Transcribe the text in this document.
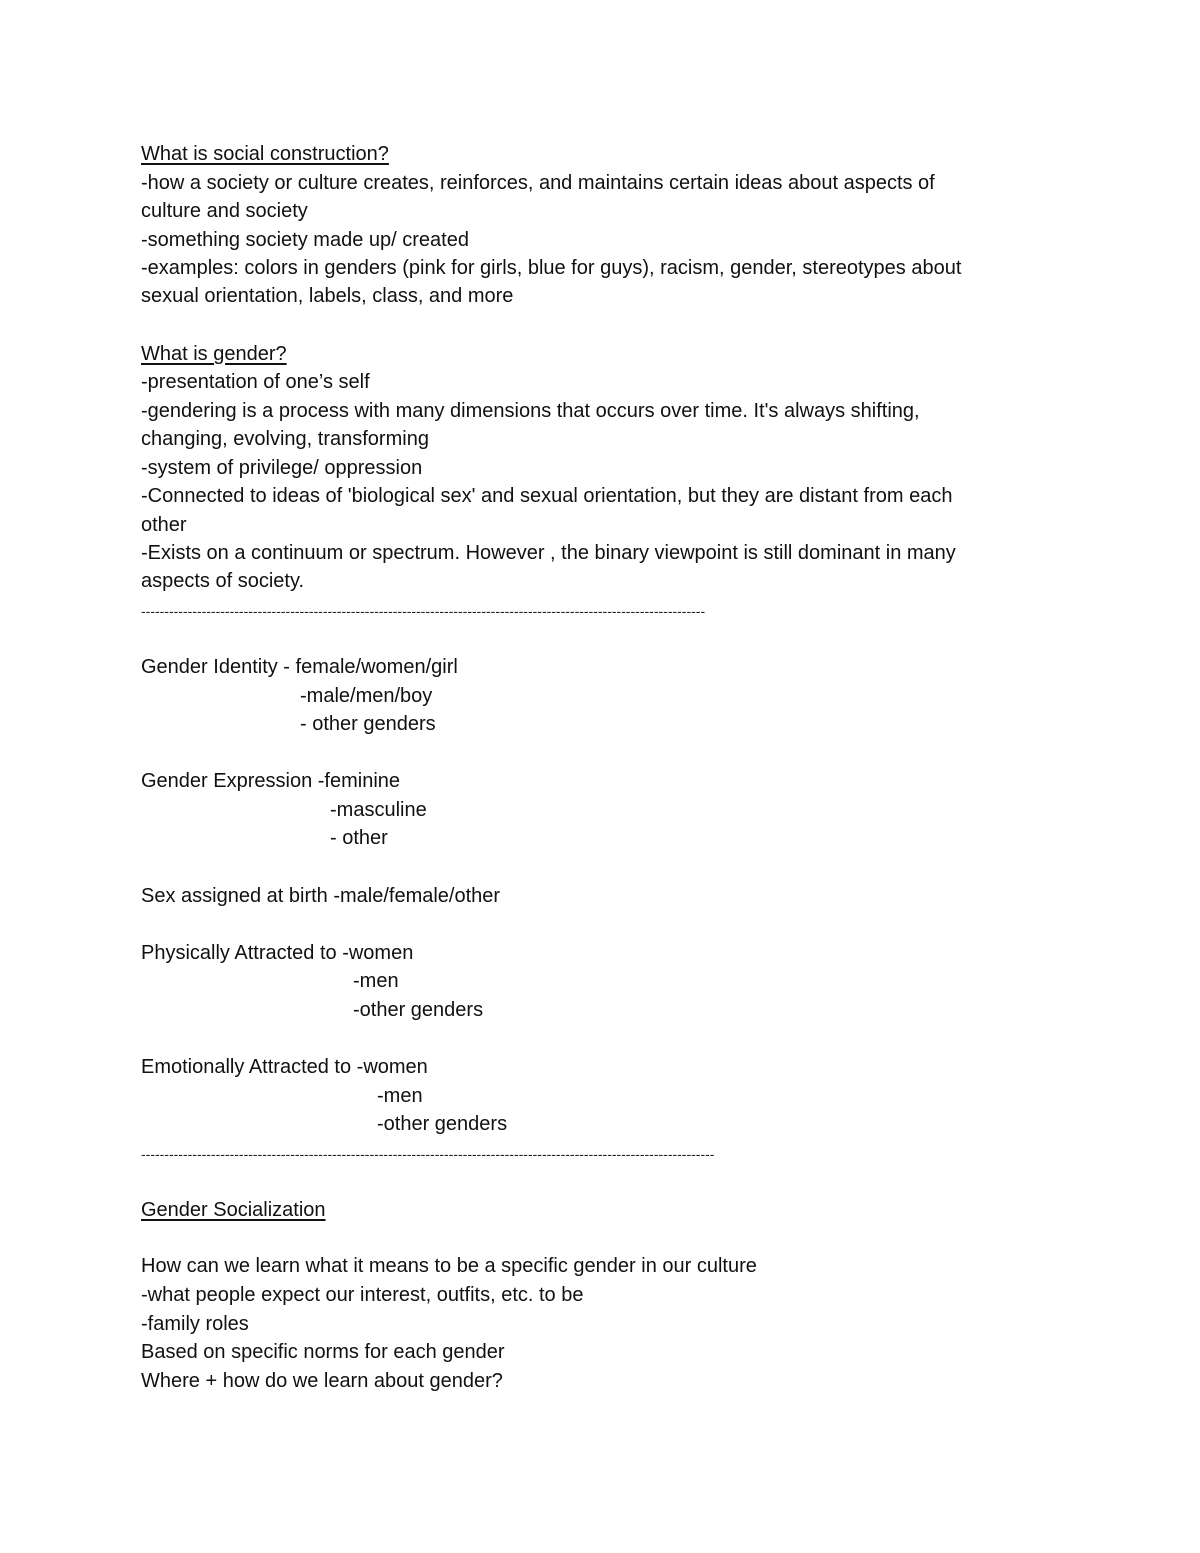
What is social construction?
-how a society or culture creates, reinforces, and maintains certain ideas about aspects of
culture and society
-something society made up/ created
-examples: colors in genders (pink for girls, blue for guys), racism, gender, stereotypes about
sexual orientation, labels, class, and more
What is gender?
-presentation of one’s self
-gendering is a process with many dimensions that occurs over time. It's always shifting,
changing, evolving, transforming
-system of privilege/ oppression
-Connected to ideas of 'biological sex' and sexual orientation, but they are distant from each
other
-Exists on a continuum or spectrum. However , the binary viewpoint is still dominant in many
aspects of society.
-------------------------------------------------------------------------------------------------------------------------
Gender Identity - female/women/girl
-male/men/boy
- other genders
Gender Expression -feminine
-masculine
- other
Sex assigned at birth -male/female/other
Physically Attracted to -women
-men
-other genders
Emotionally Attracted to -women
-men
-other genders
---------------------------------------------------------------------------------------------------------------------------
Gender Socialization
How can we learn what it means to be a specific gender in our culture
-what people expect our interest, outfits, etc. to be
-family roles
Based on specific norms for each gender
Where + how do we learn about gender?
